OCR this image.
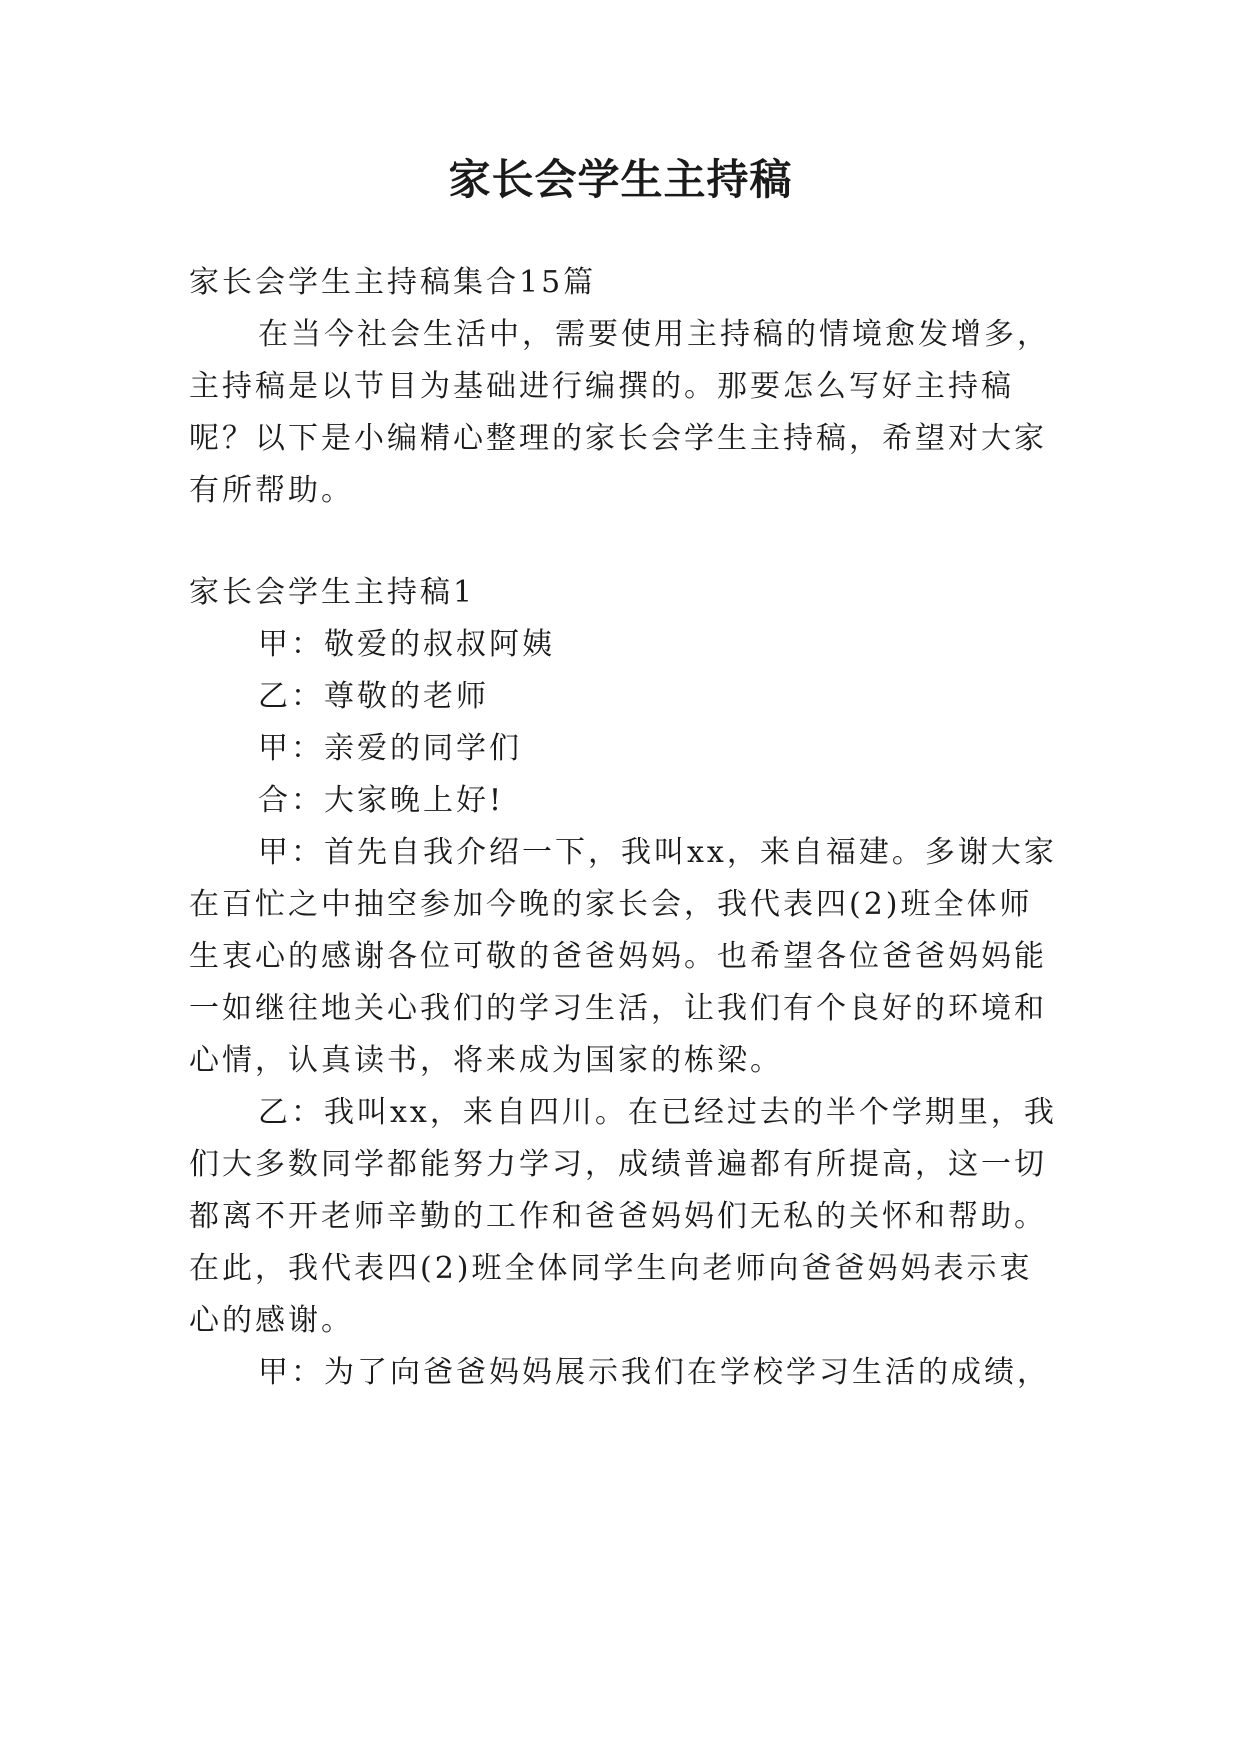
家长会学生主持稿
家长会学生主持稿集合15篇
在当今社会生活中，需要使用主持稿的情境愈发增多，
主持稿是以节目为基础进行编撰的。那要怎么写好主持稿
呢？以下是小编精心整理的家长会学生主持稿，希望对大家
有所帮助。
家长会学生主持稿1
甲：敬爱的叔叔阿姨
乙：尊敬的老师
甲：亲爱的同学们
合：大家晚上好!
甲：首先自我介绍一下，我叫xx，来自福建。多谢大家
在百忙之中抽空参加今晚的家长会，我代表四(2)班全体师
生衷心的感谢各位可敬的爸爸妈妈。也希望各位爸爸妈妈能
一如继往地关心我们的学习生活，让我们有个良好的环境和
心情，认真读书，将来成为国家的栋梁。
乙：我叫xx，来自四川。在已经过去的半个学期里，我
们大多数同学都能努力学习，成绩普遍都有所提高，这一切
都离不开老师辛勤的工作和爸爸妈妈们无私的关怀和帮助。
在此，我代表四(2)班全体同学生向老师向爸爸妈妈表示衷
心的感谢。
甲：为了向爸爸妈妈展示我们在学校学习生活的成绩，
